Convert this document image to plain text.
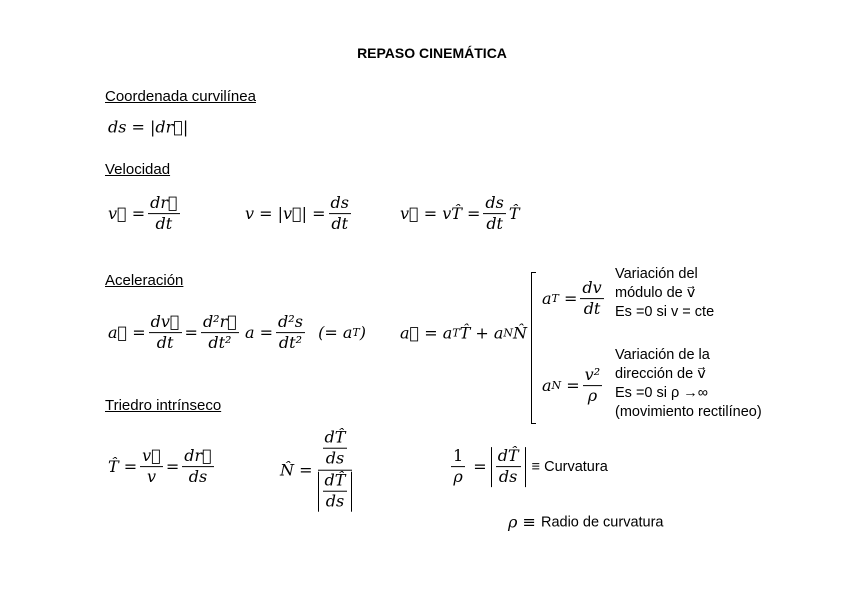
REPASO CINEMÁTICA
Coordenada curvilínea
ds = |dr⃗|
Velocidad
v⃗ = $\frac{dr⃗}{dt}$	v = |v⃗| = $\frac{ds}{dt}$	v⃗ = vT̂ = $\frac{ds}{dt}$ T̂
Aceleración
a⃗ = $\frac{dv⃗}{dt} = \frac{\text{d²r⃗}}{\text{dt²}}$ $a = \frac{\text{d²s}}{\text{dt²}}$ (= a T ) a⃗ = a T T̂ + a N N̂
a $T = \frac{dv}{dt}$
Variación del
módulo de v⃗
Es =0 si v = cte
a $N = \frac{\text{v²}}{\rho}$
Variación de la
dirección de v⃗
Es =0 si ρ →∞
(movimiento rectilíneo)
Triedro intrínseco
T̂ = $\frac{v⃗}{v} = \frac{dr⃗}{ds}$	N̂ = $\frac{\frac{dT̂}{ds}}{\frac{dT̂}{ds}}$	$\frac{1}{\rho} = \frac{dT̂}{ds}$ ≡ Curvatura
ρ ≡ Radio de curvatura
